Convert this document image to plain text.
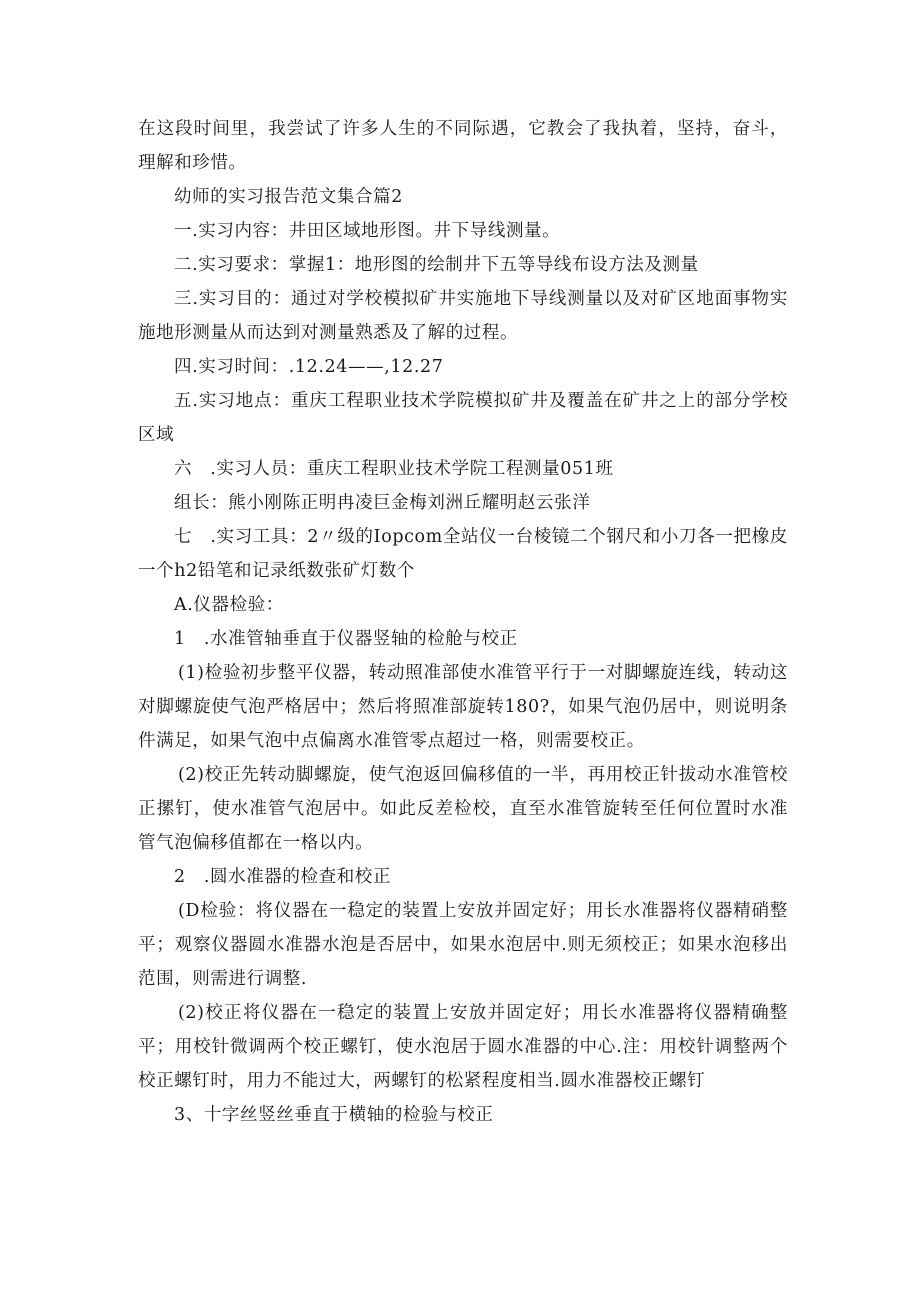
在这段时间里，我尝试了许多人生的不同际遇，它教会了我执着，坚持，奋斗，理解和珍惜。

幼师的实习报告范文集合篇2

一.实习内容：井田区域地形图。井下导线测量。

二.实习要求：掌握1：地形图的绘制井下五等导线布设方法及测量

三.实习目的：通过对学校模拟矿井实施地下导线测量以及对矿区地面事物实施地形测量从而达到对测量熟悉及了解的过程。

四.实习时间：.12.24——,12.27

五.实习地点：重庆工程职业技术学院模拟矿井及覆盖在矿井之上的部分学校区域

六　.实习人员：重庆工程职业技术学院工程测量051班

组长：熊小刚陈正明冉凌巨金梅刘洲丘耀明赵云张洋

七　.实习工具：2〃级的Iopcom全站仪一台棱镜二个钢尺和小刀各一把橡皮一个h2铅笔和记录纸数张矿灯数个

A.仪器检验：

1　.水准管轴垂直于仪器竖轴的检舱与校正

(1)检验初步整平仪器，转动照准部使水准管平行于一对脚螺旋连线，转动这对脚螺旋使气泡严格居中；然后将照准部旋转180?，如果气泡仍居中，则说明条件满足，如果气泡中点偏离水准管零点超过一格，则需要校正。

(2)校正先转动脚螺旋，使气泡返回偏移值的一半，再用校正针拔动水准管校正摞钉，使水准管气泡居中。如此反差检校，直至水准管旋转至任何位置时水准管气泡偏移值都在一格以内。

2　.圆水准器的检查和校正

(D检验：将仪器在一稳定的装置上安放并固定好；用长水准器将仪器精硝整平；观察仪器圆水准器水泡是否居中，如果水泡居中.则无须校正；如果水泡移出范围，则需进行调整.

(2)校正将仪器在一稳定的装置上安放并固定好；用长水准器将仪器精确整平；用校针微调两个校正螺钉，使水泡居于圆水准器的中心.注：用校针调整两个校正螺钉时，用力不能过大，两螺钉的松紧程度相当.圆水准器校正螺钉

3、十字丝竖丝垂直于横轴的检验与校正
